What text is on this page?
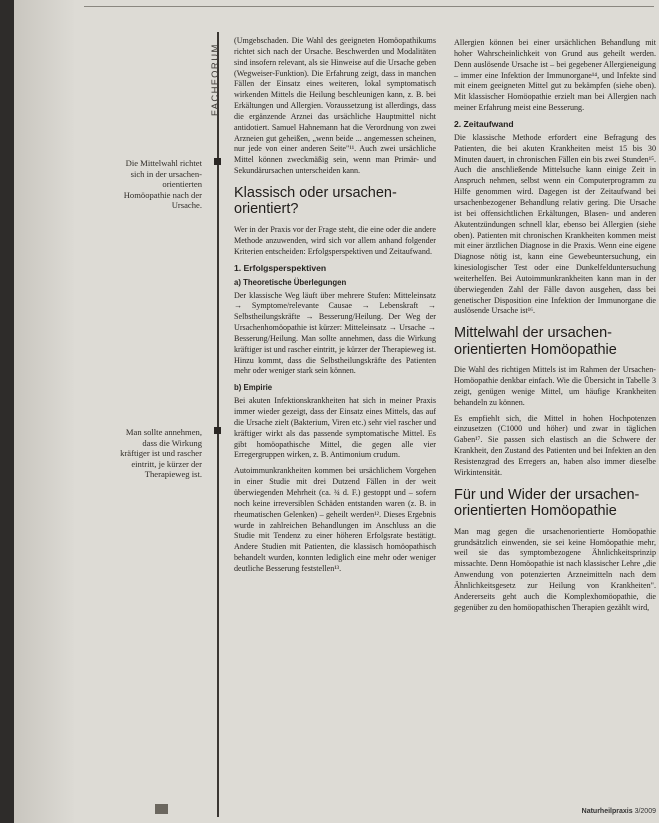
FACHFORUM
Die Mittelwahl richtet sich in der ursachen-orientierten Homöopathie nach der Ursache.
Man sollte annehmen, dass die Wirkung kräftiger ist und rascher eintritt, je kürzer der Therapieweg ist.

(Umgebschaden. Die Wahl des geeigneten Homöopathikums richtet sich nach der Ursache. Beschwerden und Modalitäten sind insofern relevant, als sie Hinweise auf die Ursache geben (Wegweiser-Funktion). Die Erfahrung zeigt, dass in manchen Fällen der Einsatz eines weiteren, lokal symptomatisch wirkenden Mittels die Heilung beschleunigen kann, z. B. bei Erkältungen und Allergien. Voraussetzung ist allerdings, dass die ergänzende Arznei das ursächliche Hauptmittel nicht antidotiert. Samuel Hahnemann hat die Verordnung von zwei Arzneien gut geheißen, „wenn beide ... angemessen scheinen, nur jede von einer anderen Seite"¹¹. Auch zwei ursächliche Mittel können zweckmäßig sein, wenn man Primär- und Sekundärursachen unterscheiden kann.

Klassisch oder ursachen-orientiert?

Wer in der Praxis vor der Frage steht, die eine oder die andere Methode anzuwenden, wird sich vor allem anhand folgender Kriterien entscheiden: Erfolgsperspektiven und Zeitaufwand.

1. Erfolgsperspektiven
a) Theoretische Überlegungen

Der klassische Weg läuft über mehrere Stufen: Mitteleinsatz → Symptome/relevante Causae → Lebenskraft → Selbstheilungskräfte → Besserung/Heilung. Der Weg der Ursachenhomöopathie ist kürzer: Mitteleinsatz → Ursache → Besserung/Heilung. Man sollte annehmen, dass die Wirkung kräftiger ist und rascher eintritt, je kürzer der Therapieweg ist. Hinzu kommt, dass die Selbstheilungskräfte des Patienten mehr oder weniger stark sein können.

b) Empirie

Bei akuten Infektionskrankheiten hat sich in meiner Praxis immer wieder gezeigt, dass der Einsatz eines Mittels, das auf die Ursache zielt (Bakterium, Viren etc.) sehr viel rascher und kräftiger wirkt als das passende symptomatische Mittel. Es gibt homöopathische Mittel, die gegen alle vier Erregergruppen wirken, z. B. Antimonium crudum.

Autoimmunkrankheiten kommen bei ursächlichem Vorgehen in einer Studie mit drei Dutzend Fällen in der weit überwiegenden Mehrheit (ca. ¾ d. F.) gestoppt und – sofern noch keine irreversiblen Schäden entstanden waren (z. B. in rheumatischen Gelenken) – geheilt werden¹². Dieses Ergebnis wurde in zahlreichen Behandlungen im Anschluss an die Studie mit Tendenz zu einer höheren Erfolgsrate bestätigt. Andere Studien mit Patienten, die klassisch homöopathisch behandelt wurden, konnten lediglich eine mehr oder weniger deutliche Besserung feststellen¹³.

Allergien können bei einer ursächlichen Behandlung mit hoher Wahrscheinlichkeit von Grund aus geheilt werden. Denn auslösende Ursache ist – bei gegebener Allergieneigung – immer eine Infektion der Immunorgane¹⁴, und Infekte sind mit einem geeigneten Mittel gut zu bekämpfen (siehe oben). Mit klassischer Homöopathie erzielt man bei Allergien nach meiner Erfahrung meist eine Besserung.

2. Zeitaufwand

Die klassische Methode erfordert eine Befragung des Patienten, die bei akuten Krankheiten meist 15 bis 30 Minuten dauert, in chronischen Fällen ein bis zwei Stunden¹⁵. Auch die anschließende Mittelsuche kann einige Zeit in Anspruch nehmen, selbst wenn ein Computerprogramm zu Hilfe genommen wird. Dagegen ist der Zeitaufwand bei ursachenbezogener Behandlung relativ gering. Die Ursache ist bei offensichtlichen Erkältungen, Blasen- und anderen Akutentzündungen schnell klar, ebenso bei Allergien (siehe oben). Patienten mit chronischen Krankheiten kommen meist mit einer ärztlichen Diagnose in die Praxis. Wenn eine eigene Diagnose nötig ist, kann eine Gewebeuntersuchung, ein kinesiologischer Test oder eine Dunkelfelduntersuchung weiterhelfen. Bei Autoimmunkrankheiten kann man in der überwiegenden Zahl der Fälle davon ausgehen, dass bei genetischer Disposition eine Infektion der Immunorgane die auslösende Ursache ist¹⁶.

Mittelwahl der ursachen-orientierten Homöopathie

Die Wahl des richtigen Mittels ist im Rahmen der Ursachen-Homöopathie denkbar einfach. Wie die Übersicht in Tabelle 3 zeigt, genügen wenige Mittel, um häufige Krankheiten behandeln zu können.

Es empfiehlt sich, die Mittel in hohen Hochpotenzen einzusetzen (C1000 und höher) und zwar in täglichen Gaben¹⁷. Sie passen sich elastisch an die Schwere der Krankheit, den Zustand des Patienten und bei Infekten an den Resistenzgrad des Erregers an, haben also immer dieselbe Wirkintensität.

Für und Wider der ursachen-orientierten Homöopathie

Man mag gegen die ursachenorientierte Homöopathie grundsätzlich einwenden, sie sei keine Homöopathie mehr, weil sie das symptombezogene Ähnlichkeitsprinzip missachte. Denn Homöopathie ist nach klassischer Lehre „die Anwendung von potenzierten Arzneimitteln nach dem Ähnlichkeitsgesetz zur Heilung von Krankheiten". Andererseits geht auch die Komplexhomöopathie, die gegenüber zu den homöopathischen Therapien gezählt wird,

Naturheilpraxis 3/2009
